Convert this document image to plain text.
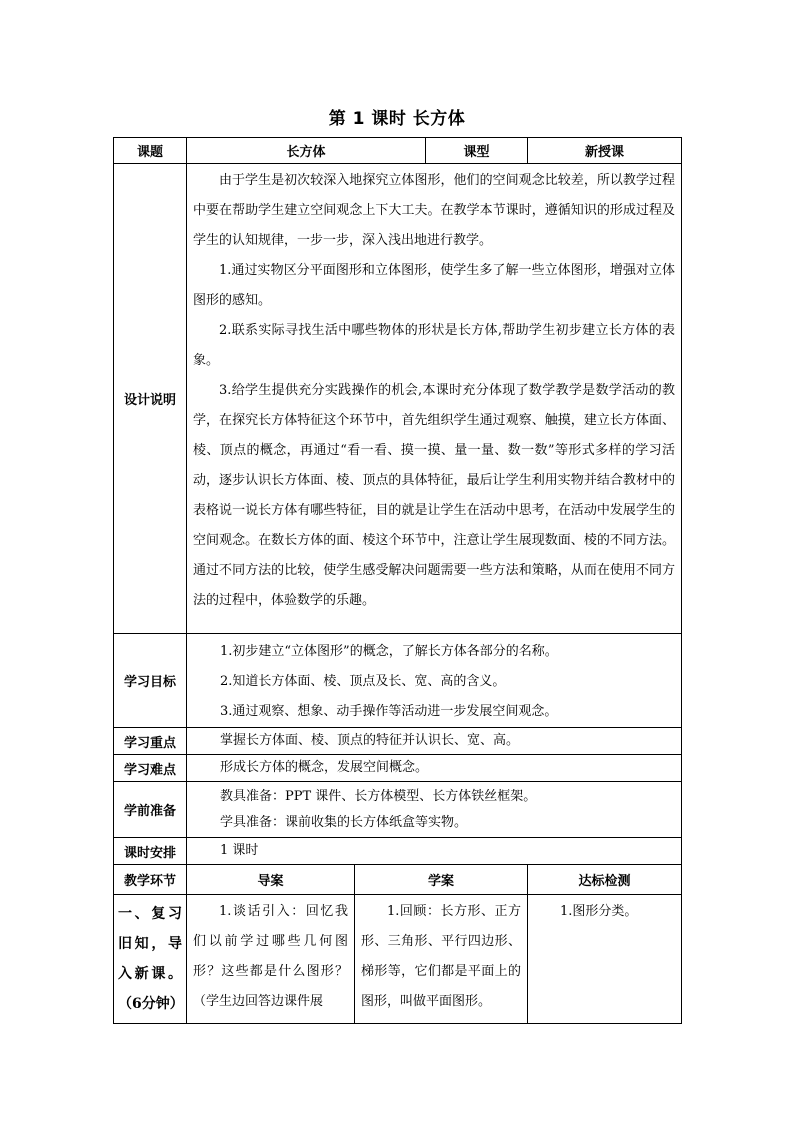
第 1 课时 长方体
课题	长方体		课型	新授课
设计说明	由于学生是初次较深入地探究立体图形，他们的空间观念比较差，所以教学过程中要在帮助学生建立空间观念上下大工夫。在教学本节课时，遵循知识的形成过程及学生的认知规律，一步一步，深入浅出地进行教学。
1.通过实物区分平面图形和立体图形，使学生多了解一些立体图形，增强对立体图形的感知。
2.联系实际寻找生活中哪些物体的形状是长方体,帮助学生初步建立长方体的表象。
3.给学生提供充分实践操作的机会,本课时充分体现了数学教学是数学活动的教学，在探究长方体特征这个环节中，首先组织学生通过观察、触摸，建立长方体面、棱、顶点的概念，再通过“看一看、摸一摸、量一量、数一数”等形式多样的学习活动，逐步认识长方体面、棱、顶点的具体特征，最后让学生利用实物并结合教材中的表格说一说长方体有哪些特征，目的就是让学生在活动中思考，在活动中发展学生的空间观念。在数长方体的面、棱这个环节中，注意让学生展现数面、棱的不同方法。通过不同方法的比较，使学生感受解决问题需要一些方法和策略，从而在使用不同方法的过程中，体验数学的乐趣。			

学习目标	1.初步建立“立体图形”的概念，了解长方体各部分的名称。
2.知道长方体面、棱、顶点及长、宽、高的含义。
3.通过观察、想象、动手操作等活动进一步发展空间观念。			

学习重点	掌握长方体面、棱、顶点的特征并认识长、宽、高。			
学习难点	形成长方体的概念，发展空间概念。			
学前准备	教具准备：PPT 课件、长方体模型、长方体铁丝框架。
学具准备：课前收集的长方体纸盒等实物。			

课时安排	1 课时			
教学环节	导案	学案		达标检测
一、复习旧知，导入新课。（6分钟）	1.谈话引入：回忆我们以前学过哪些几何图形？这些都是什么图形？（学生边回答边课件展	1.回顾：长方形、正方形、三角形、平行四边形、梯形等，它们都是平面上的图形，叫做平面图形。		1.图形分类。
